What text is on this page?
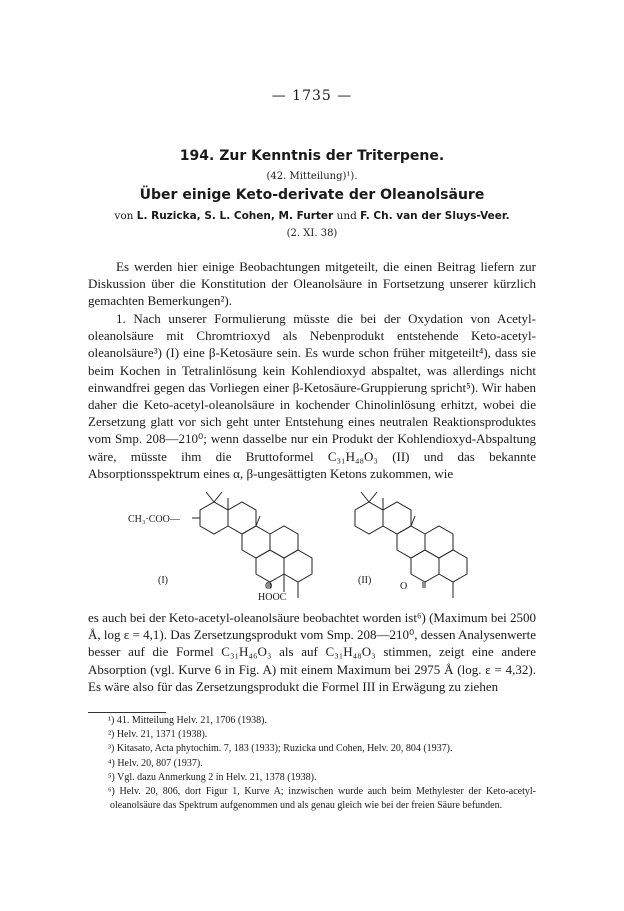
— 1735 —
194. Zur Kenntnis der Triterpene.
(42. Mitteilung)¹).
Über einige Keto-derivate der Oleanolsäure
von L. Ruzicka, S. L. Cohen, M. Furter und F. Ch. van der Sluys-Veer.
(2. XI. 38)

Es werden hier einige Beobachtungen mitgeteilt, die einen Beitrag liefern zur Diskussion über die Konstitution der Oleanolsäure in Fortsetzung unserer kürzlich gemachten Bemerkungen²).

1. Nach unserer Formulierung müsste die bei der Oxydation von Acetyl-oleanolsäure mit Chromtrioxyd als Nebenprodukt entstehende Keto-acetyl-oleanolsäure³) (I) eine β-Ketosäure sein. Es wurde schon früher mitgeteilt⁴), dass sie beim Kochen in Tetralinlösung kein Kohlendioxyd abspaltet, was allerdings nicht einwandfrei gegen das Vorliegen einer β-Ketosäure-Gruppierung spricht⁵). Wir haben daher die Keto-acetyl-oleanolsäure in kochender Chinolinlösung erhitzt, wobei die Zersetzung glatt vor sich geht unter Entstehung eines neutralen Reaktionsproduktes vom Smp. 208—210⁰; wenn dasselbe nur ein Produkt der Kohlendioxyd-Abspaltung wäre, müsste ihm die Bruttoformel C₃₁H₄₈O₃ (II) und das bekannte Absorptionsspektrum eines α, β-ungesättigten Ketons zukommen, wie

CH₃·COO—
(I)
O
HOOC
(II)
O

es auch bei der Keto-acetyl-oleanolsäure beobachtet worden ist⁶) (Maximum bei 2500 Å, log ε = 4,1). Das Zersetzungsprodukt vom Smp. 208—210⁰, dessen Analysenwerte besser auf die Formel C₃₁H₄₆O₃ als auf C₃₁H₄₈O₃ stimmen, zeigt eine andere Absorption (vgl. Kurve 6 in Fig. A) mit einem Maximum bei 2975 Å (log. ε = 4,32). Es wäre also für das Zersetzungsprodukt die Formel III in Erwägung zu ziehen

¹) 41. Mitteilung Helv. 21, 1706 (1938).

²) Helv. 21, 1371 (1938).

³) Kitasato, Acta phytochim. 7, 183 (1933); Ruzicka und Cohen, Helv. 20, 804 (1937).

⁴) Helv. 20, 807 (1937).

⁵) Vgl. dazu Anmerkung 2 in Helv. 21, 1378 (1938).

⁶) Helv. 20, 806, dort Figur 1, Kurve A; inzwischen wurde auch beim Methylester der Keto-acetyl-oleanolsäure das Spektrum aufgenommen und als genau gleich wie bei der freien Säure befunden.
